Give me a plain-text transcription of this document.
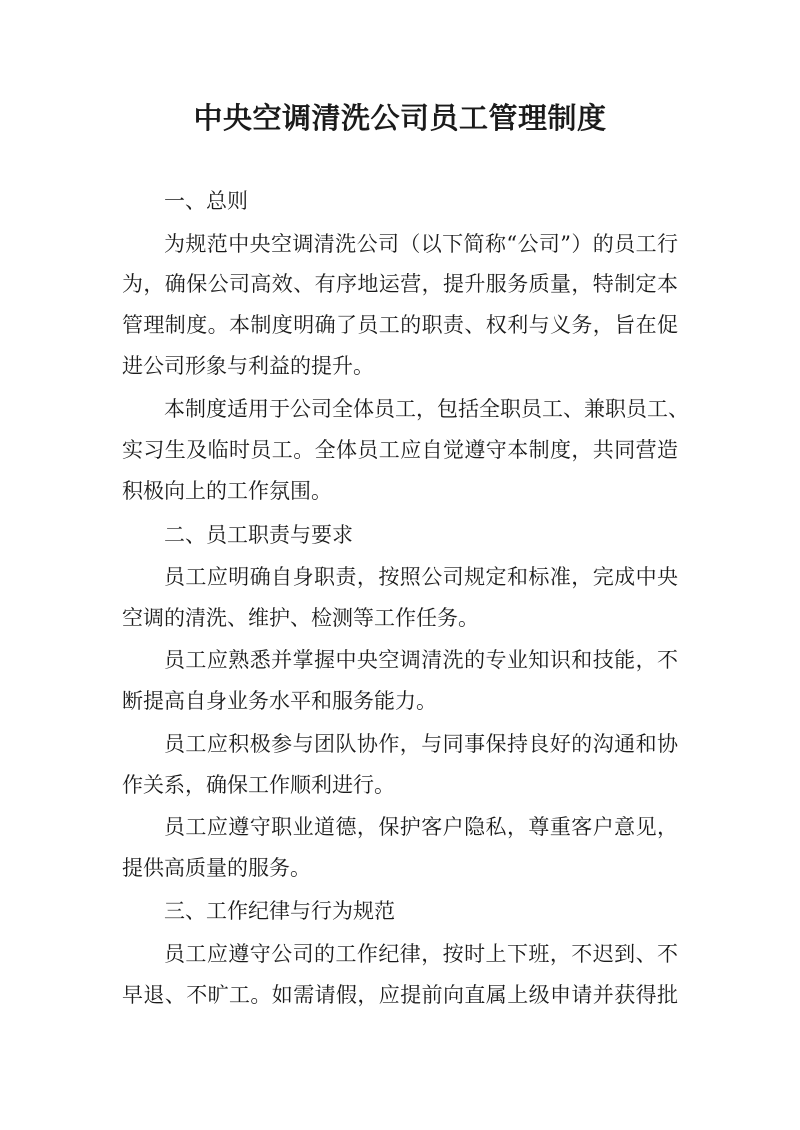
中央空调清洗公司员工管理制度

一、总则

为规范中央空调清洗公司（以下简称“公司”）的员工行

为，确保公司高效、有序地运营，提升服务质量，特制定本

管理制度。本制度明确了员工的职责、权利与义务，旨在促

进公司形象与利益的提升。

本制度适用于公司全体员工，包括全职员工、兼职员工、

实习生及临时员工。全体员工应自觉遵守本制度，共同营造

积极向上的工作氛围。

二、员工职责与要求

员工应明确自身职责，按照公司规定和标准，完成中央

空调的清洗、维护、检测等工作任务。

员工应熟悉并掌握中央空调清洗的专业知识和技能，不

断提高自身业务水平和服务能力。

员工应积极参与团队协作，与同事保持良好的沟通和协

作关系，确保工作顺利进行。

员工应遵守职业道德，保护客户隐私，尊重客户意见，

提供高质量的服务。

三、工作纪律与行为规范

员工应遵守公司的工作纪律，按时上下班，不迟到、不

早退、不旷工。如需请假，应提前向直属上级申请并获得批
